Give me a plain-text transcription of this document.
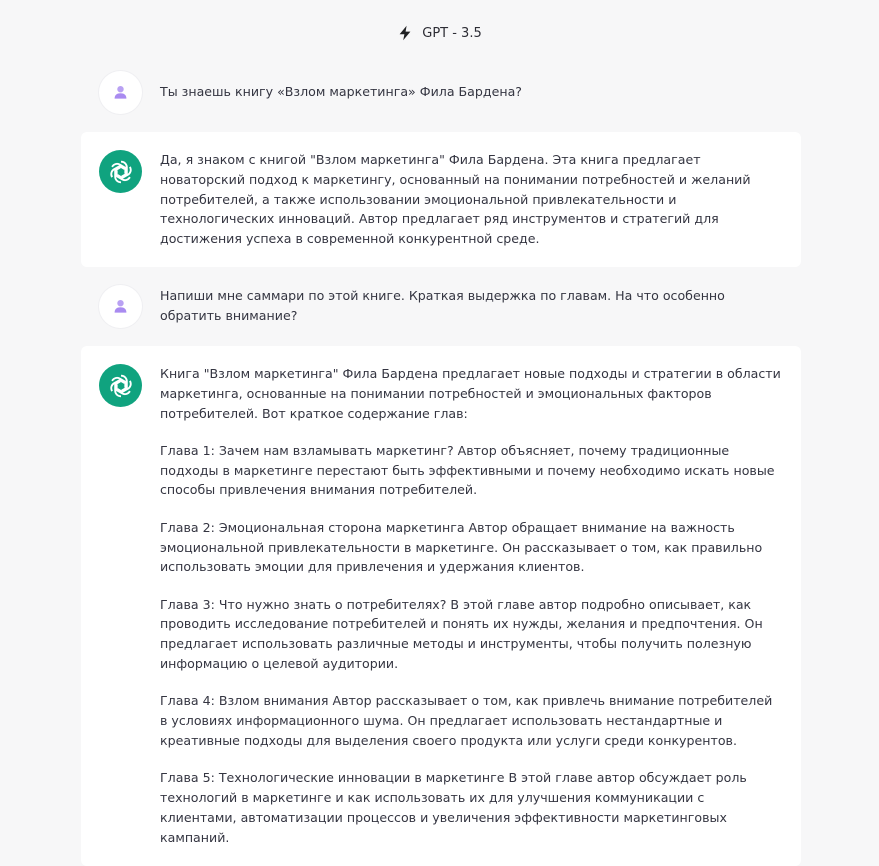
GPT - 3.5
Ты знаешь книгу «Взлом маркетинга» Фила Бардена?
Да, я знаком с книгой "Взлом маркетинга" Фила Бардена. Эта книга предлагает новаторский подход к маркетингу, основанный на понимании потребностей и желаний потребителей, а также использовании эмоциональной привлекательности и технологических инноваций. Автор предлагает ряд инструментов и стратегий для достижения успеха в современной конкурентной среде.
Напиши мне саммари по этой книге. Краткая выдержка по главам. На что особенно обратить внимание?

Книга "Взлом маркетинга" Фила Бардена предлагает новые подходы и стратегии в области маркетинга, основанные на понимании потребностей и эмоциональных факторов потребителей. Вот краткое содержание глав:

Глава 1: Зачем нам взламывать маркетинг? Автор объясняет, почему традиционные подходы в маркетинге перестают быть эффективными и почему необходимо искать новые способы привлечения внимания потребителей.

Глава 2: Эмоциональная сторона маркетинга Автор обращает внимание на важность эмоциональной привлекательности в маркетинге. Он рассказывает о том, как правильно использовать эмоции для привлечения и удержания клиентов.

Глава 3: Что нужно знать о потребителях? В этой главе автор подробно описывает, как проводить исследование потребителей и понять их нужды, желания и предпочтения. Он предлагает использовать различные методы и инструменты, чтобы получить полезную информацию о целевой аудитории.

Глава 4: Взлом внимания Автор рассказывает о том, как привлечь внимание потребителей в условиях информационного шума. Он предлагает использовать нестандартные и креативные подходы для выделения своего продукта или услуги среди конкурентов.

Глава 5: Технологические инновации в маркетинге В этой главе автор обсуждает роль технологий в маркетинге и как использовать их для улучшения коммуникации с клиентами, автоматизации процессов и увеличения эффективности маркетинговых кампаний.
